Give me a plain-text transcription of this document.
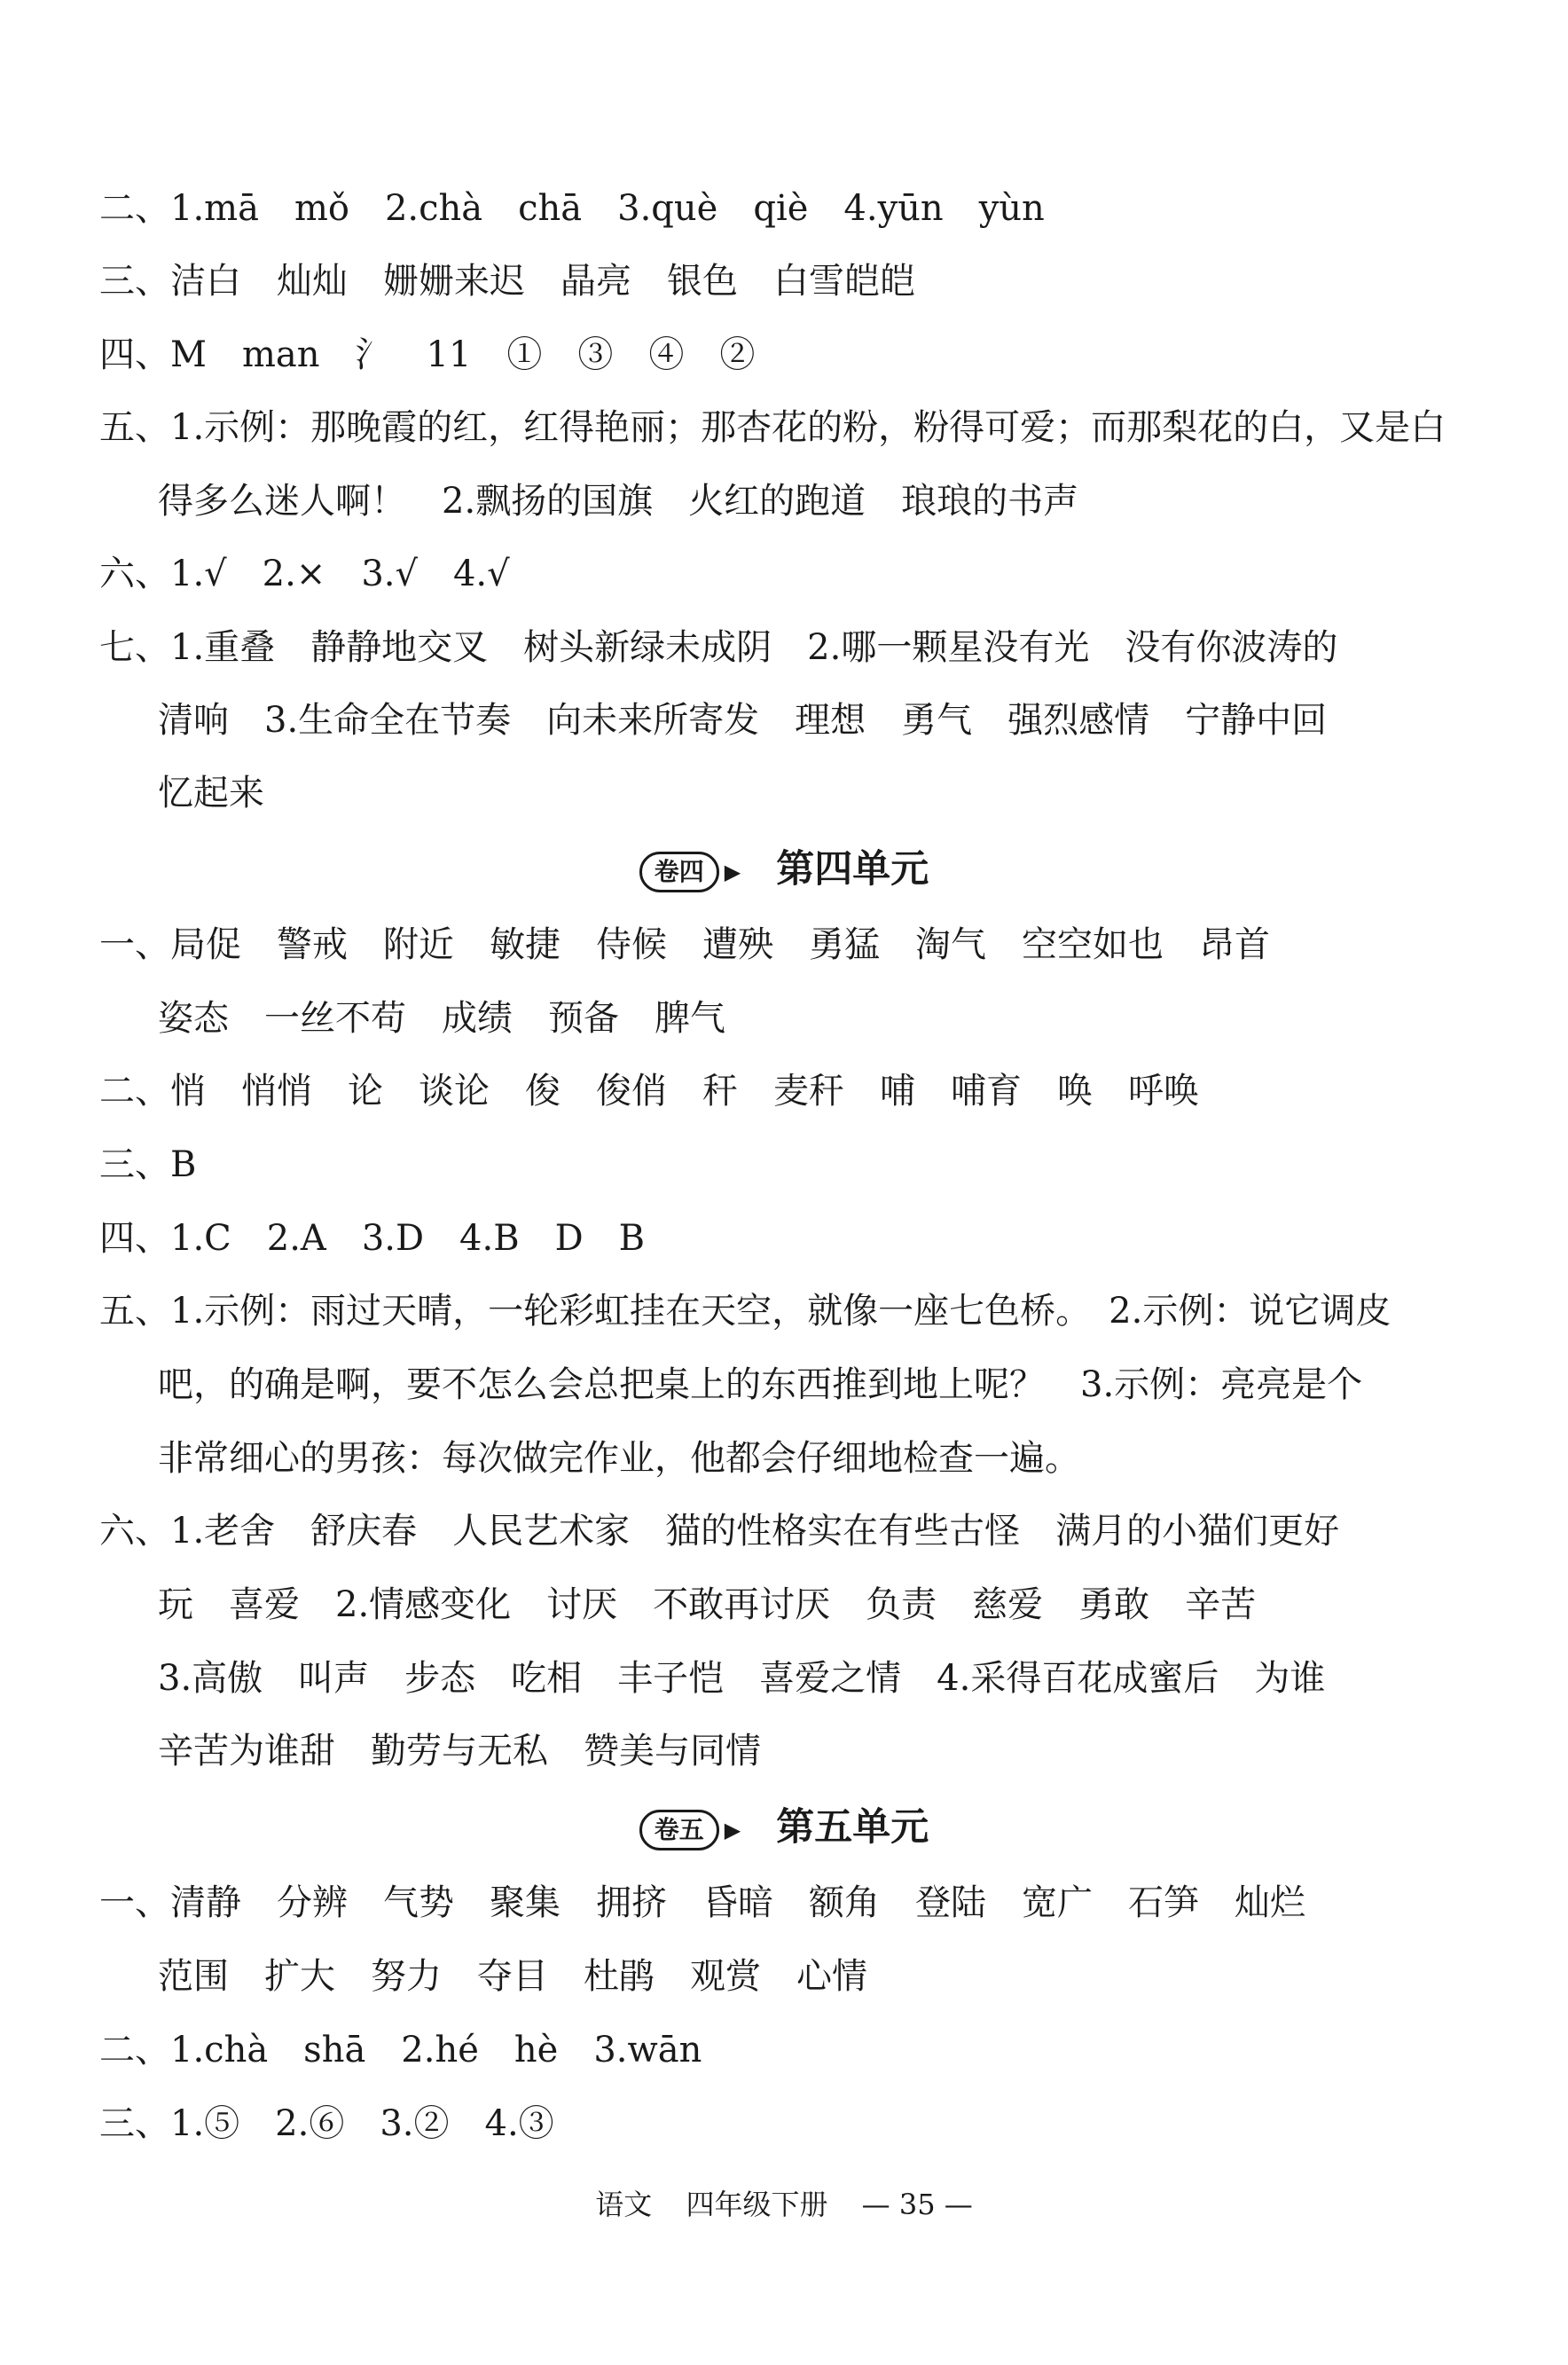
二、1.mā　mǒ　2.chà　chā　3.què　qiè　4.yūn　yùn
三、洁白　灿灿　姗姗来迟　晶亮　银色　白雪皑皑
四、M　man　氵　11　①　③　④　②
五、1.示例：那晚霞的红，红得艳丽；那杏花的粉，粉得可爱；而那梨花的白，又是白
得多么迷人啊！　2.飘扬的国旗　火红的跑道　琅琅的书声
六、1.√　2.×　3.√　4.√
七、1.重叠　静静地交叉　树头新绿未成阴　2.哪一颗星没有光　没有你波涛的
清响　3.生命全在节奏　向未来所寄发　理想　勇气　强烈感情　宁静中回
忆起来
卷四 ▶ 第四单元
一、局促　警戒　附近　敏捷　侍候　遭殃　勇猛　淘气　空空如也　昂首
姿态　一丝不苟　成绩　预备　脾气
二、悄　悄悄　论　谈论　俊　俊俏　秆　麦秆　哺　哺育　唤　呼唤
三、B
四、1.C　2.A　3.D　4.B　D　B
五、1.示例：雨过天晴，一轮彩虹挂在天空，就像一座七色桥。　2.示例：说它调皮
吧，的确是啊，要不怎么会总把桌上的东西推到地上呢？　3.示例：亮亮是个
非常细心的男孩：每次做完作业，他都会仔细地检查一遍。
六、1.老舍　舒庆春　人民艺术家　猫的性格实在有些古怪　满月的小猫们更好
玩　喜爱　2.情感变化　讨厌　不敢再讨厌　负责　慈爱　勇敢　辛苦
3.高傲　叫声　步态　吃相　丰子恺　喜爱之情　4.采得百花成蜜后　为谁
辛苦为谁甜　勤劳与无私　赞美与同情
卷五 ▶ 第五单元
一、清静　分辨　气势　聚集　拥挤　昏暗　额角　登陆　宽广　石笋　灿烂
范围　扩大　努力　夺目　杜鹃　观赏　心情
二、1.chà　shā　2.hé　hè　3.wān
三、1.⑤　2.⑥　3.②　4.③
语文 四年级下册 — 35 —
